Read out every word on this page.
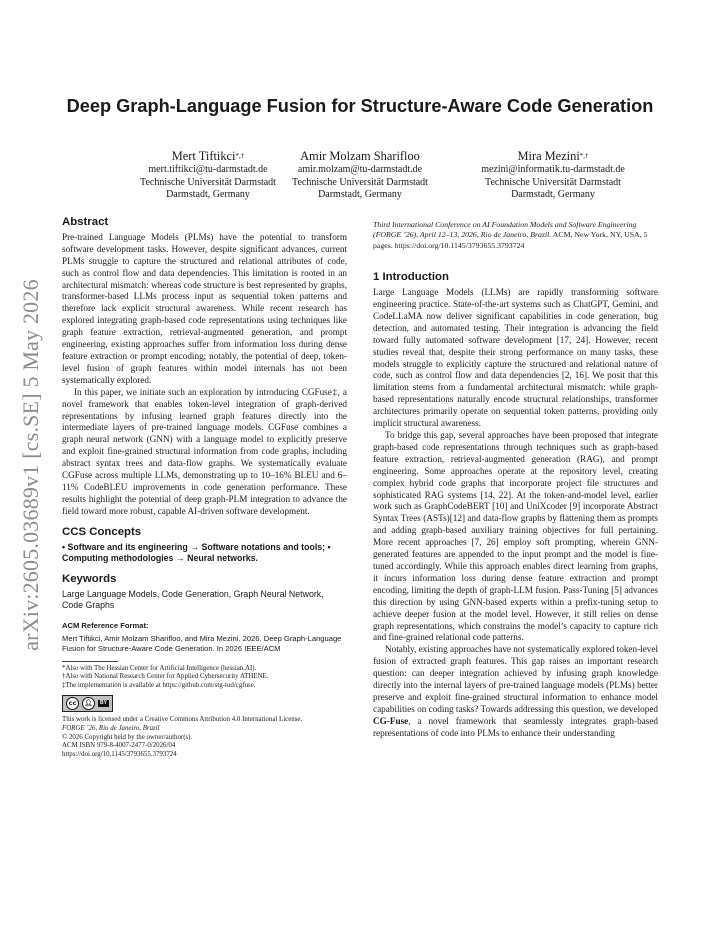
arXiv:2605.03689v1 [cs.SE] 5 May 2026
Deep Graph-Language Fusion for Structure-Aware Code Generation
Mert Tiftikci*,†
mert.tiftikci@tu-darmstadt.de
Technische Universität Darmstadt
Darmstadt, Germany
Amir Molzam Sharifloo
amir.molzam@tu-darmstadt.de
Technische Universität Darmstadt
Darmstadt, Germany
Mira Mezini*,†
mezini@informatik.tu-darmstadt.de
Technische Universität Darmstadt
Darmstadt, Germany
Abstract

Pre-trained Language Models (PLMs) have the potential to transform software development tasks. However, despite significant advances, current PLMs struggle to capture the structured and relational attributes of code, such as control flow and data dependencies. This limitation is rooted in an architectural mismatch: whereas code structure is best represented by graphs, transformer-based LLMs process input as sequential token patterns and therefore lack explicit structural awareness. While recent research has explored integrating graph-based code representations using techniques like graph feature extraction, retrieval-augmented generation, and prompt engineering, existing approaches suffer from information loss during dense feature extraction or prompt encoding; notably, the potential of deep, token-level fusion of graph features within model internals has not been systematically explored.

In this paper, we initiate such an exploration by introducing CGFuse‡, a novel framework that enables token-level integration of graph-derived representations by infusing learned graph features directly into the intermediate layers of pre-trained language models. CGFuse combines a graph neural network (GNN) with a language model to explicitly preserve and exploit fine-grained structural information from code graphs, including abstract syntax trees and data-flow graphs. We systematically evaluate CGFuse across multiple LLMs, demonstrating up to 10–16% BLEU and 6–11% CodeBLEU improvements in code generation performance. These results highlight the potential of deep graph-PLM integration to advance the field toward more robust, capable AI-driven software development.

CCS Concepts
• Software and its engineering → Software notations and tools; • Computing methodologies → Neural networks.
Keywords
Large Language Models, Code Generation, Graph Neural Network, Code Graphs
ACM Reference Format:
Mert Tiftikci, Amir Molzam Sharifloo, and Mira Mezini. 2026. Deep Graph-Language Fusion for Structure-Aware Code Generation. In 2026 IEEE/ACM
*Also with The Hessian Center for Artificial Intelligence (hessian.AI).
†Also with National Research Center for Applied Cybersecurity ATHENE.
‡The implementation is available at https://github.com/stg-tud/cgfuse.
cc	👤︎	BY
This work is licensed under a Creative Commons Attribution 4.0 International License.
FORGE ’26, Rio de Janeiro, Brazil
© 2026 Copyright held by the owner/author(s).
ACM ISBN 979-8-4007-2477-0/2026/04
https://doi.org/10.1145/3793655.3793724
Third International Conference on AI Foundation Models and Software Engineering (FORGE ’26), April 12–13, 2026, Rio de Janeiro, Brazil. ACM, New York, NY, USA, 5 pages. https://doi.org/10.1145/3793655.3793724
1 Introduction

Large Language Models (LLMs) are rapidly transforming software engineering practice. State-of-the-art systems such as ChatGPT, Gemini, and CodeLLaMA now deliver significant capabilities in code generation, bug detection, and automated testing. Their integration is advancing the field toward fully automated software development [17, 24]. However, recent studies reveal that, despite their strong performance on many tasks, these models struggle to explicitly capture the structured and relational nature of code, such as control flow and data dependencies [2, 16]. We posit that this limitation stems from a fundamental architectural mismatch: while graph-based representations naturally encode structural relationships, transformer architectures primarily operate on sequential token patterns, providing only implicit structural awareness.

To bridge this gap, several approaches have been proposed that integrate graph-based code representations through techniques such as graph-based feature extraction, retrieval-augmented generation (RAG), and prompt engineering. Some approaches operate at the repository level, creating complex hybrid code graphs that incorporate project file structures and sophisticated RAG systems [14, 22]. At the token-and-model level, earlier work such as GraphCodeBERT [10] and UniXcoder [9] incorporate Abstract Syntax Trees (ASTs)[12] and data-flow graphs by flattening them as prompts and adding graph-based auxiliary training objectives for full pertaining. More recent approaches [7, 26] employ soft prompting, wherein GNN-generated features are appended to the input prompt and the model is fine-tuned accordingly. While this approach enables direct learning from graphs, it incurs information loss during dense feature extraction and prompt encoding, limiting the depth of graph-LLM fusion. Pass-Tuning [5] advances this direction by using GNN-based experts within a prefix-tuning setup to achieve deeper fusion at the model level. However, it still relies on dense graph representations, which constrains the model’s capacity to capture rich and fine-grained relational code patterns.

Notably, existing approaches have not systematically explored token-level fusion of extracted graph features. This gap raises an important research question: can deeper integration achieved by infusing graph knowledge directly into the internal layers of pre-trained language models (PLMs) better preserve and exploit fine-grained structural information to enhance model capabilities on coding tasks? Towards addressing this question, we developed CG-Fuse, a novel framework that seamlessly integrates graph-based representations of code into PLMs to enhance their understanding
